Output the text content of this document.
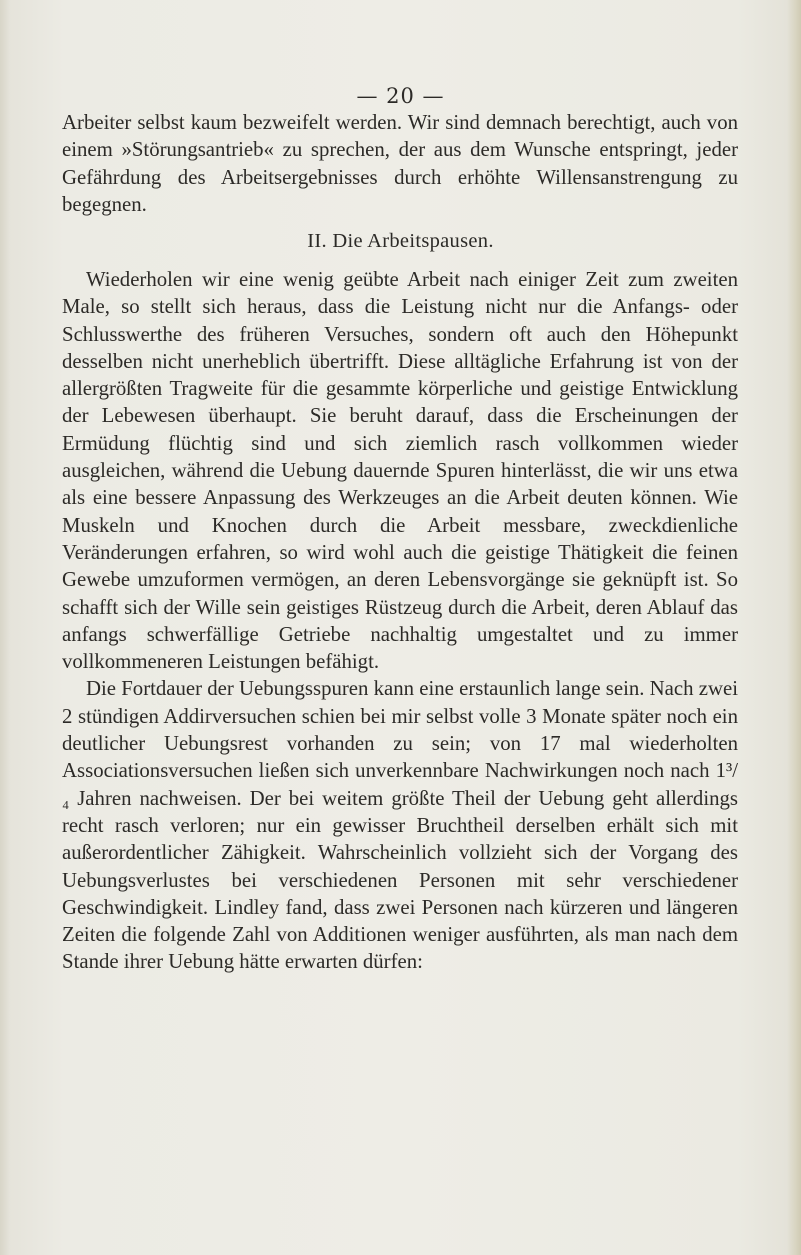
— 20 —

Arbeiter selbst kaum bezweifelt werden. Wir sind demnach berechtigt, auch von einem »Störungsantrieb« zu sprechen, der aus dem Wunsche entspringt, jeder Gefährdung des Arbeitsergebnisses durch erhöhte Willensanstrengung zu begegnen.

II. Die Arbeitspausen.

Wiederholen wir eine wenig geübte Arbeit nach einiger Zeit zum zweiten Male, so stellt sich heraus, dass die Leistung nicht nur die Anfangs- oder Schlusswerthe des früheren Versuches, sondern oft auch den Höhepunkt desselben nicht unerheblich übertrifft. Diese alltägliche Erfahrung ist von der allergrößten Tragweite für die gesammte körperliche und geistige Entwicklung der Lebewesen überhaupt. Sie beruht darauf, dass die Erscheinungen der Ermüdung flüchtig sind und sich ziemlich rasch vollkommen wieder ausgleichen, während die Uebung dauernde Spuren hinterlässt, die wir uns etwa als eine bessere Anpassung des Werkzeuges an die Arbeit deuten können. Wie Muskeln und Knochen durch die Arbeit messbare, zweckdienliche Veränderungen erfahren, so wird wohl auch die geistige Thätigkeit die feinen Gewebe umzuformen vermögen, an deren Lebensvorgänge sie geknüpft ist. So schafft sich der Wille sein geistiges Rüstzeug durch die Arbeit, deren Ablauf das anfangs schwerfällige Getriebe nachhaltig umgestaltet und zu immer vollkommeneren Leistungen befähigt.

Die Fortdauer der Uebungsspuren kann eine erstaunlich lange sein. Nach zwei 2 stündigen Addirversuchen schien bei mir selbst volle 3 Monate später noch ein deutlicher Uebungsrest vorhanden zu sein; von 17 mal wiederholten Associationsversuchen ließen sich unverkennbare Nachwirkungen noch nach 1³/₄ Jahren nachweisen. Der bei weitem größte Theil der Uebung geht allerdings recht rasch verloren; nur ein gewisser Bruchtheil derselben erhält sich mit außerordentlicher Zähigkeit. Wahrscheinlich vollzieht sich der Vorgang des Uebungsverlustes bei verschiedenen Personen mit sehr verschiedener Geschwindigkeit. Lindley fand, dass zwei Personen nach kürzeren und längeren Zeiten die folgende Zahl von Additionen weniger ausführten, als man nach dem Stande ihrer Uebung hätte erwarten dürfen:
